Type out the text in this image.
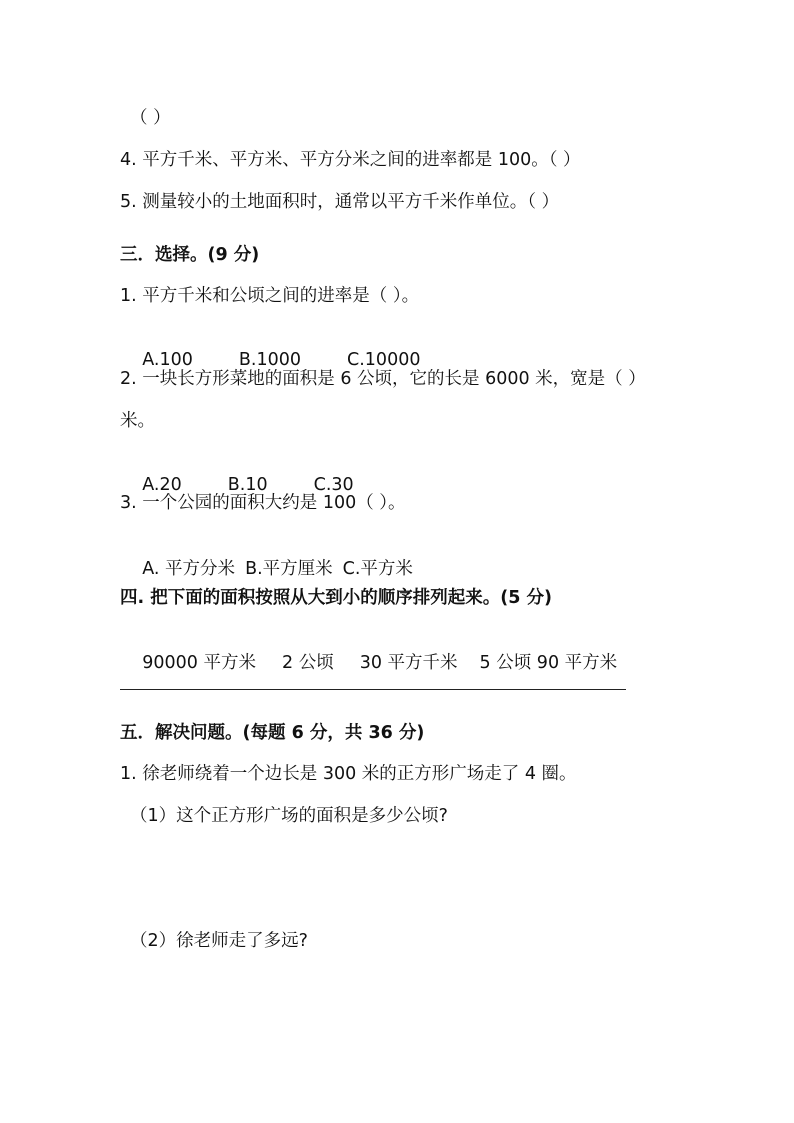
（ ）
4. 平方千米、平方米、平方分米之间的进率都是 100。（ ）
5. 测量较小的土地面积时，通常以平方千米作单位。（ ）
三．选择。(9 分)
1. 平方千米和公顷之间的进率是（ ）。

A.100	B.1000	C.10000

2. 一块长方形菜地的面积是 6 公顷，它的长是 6000 米，宽是（ ）
米。

A.20	B.10	C.30

3. 一个公园的面积大约是 100（ ）。

A. 平方分米 B.平方厘米 C.平方米

四. 把下面的面积按照从大到小的顺序排列起来。(5 分)

90000 平方米 2 公顷 30 平方千米 5 公顷 90 平方米

五．解决问题。(每题 6 分，共 36 分)
1. 徐老师绕着一个边长是 300 米的正方形广场走了 4 圈。
（1）这个正方形广场的面积是多少公顷?
（2）徐老师走了多远?
